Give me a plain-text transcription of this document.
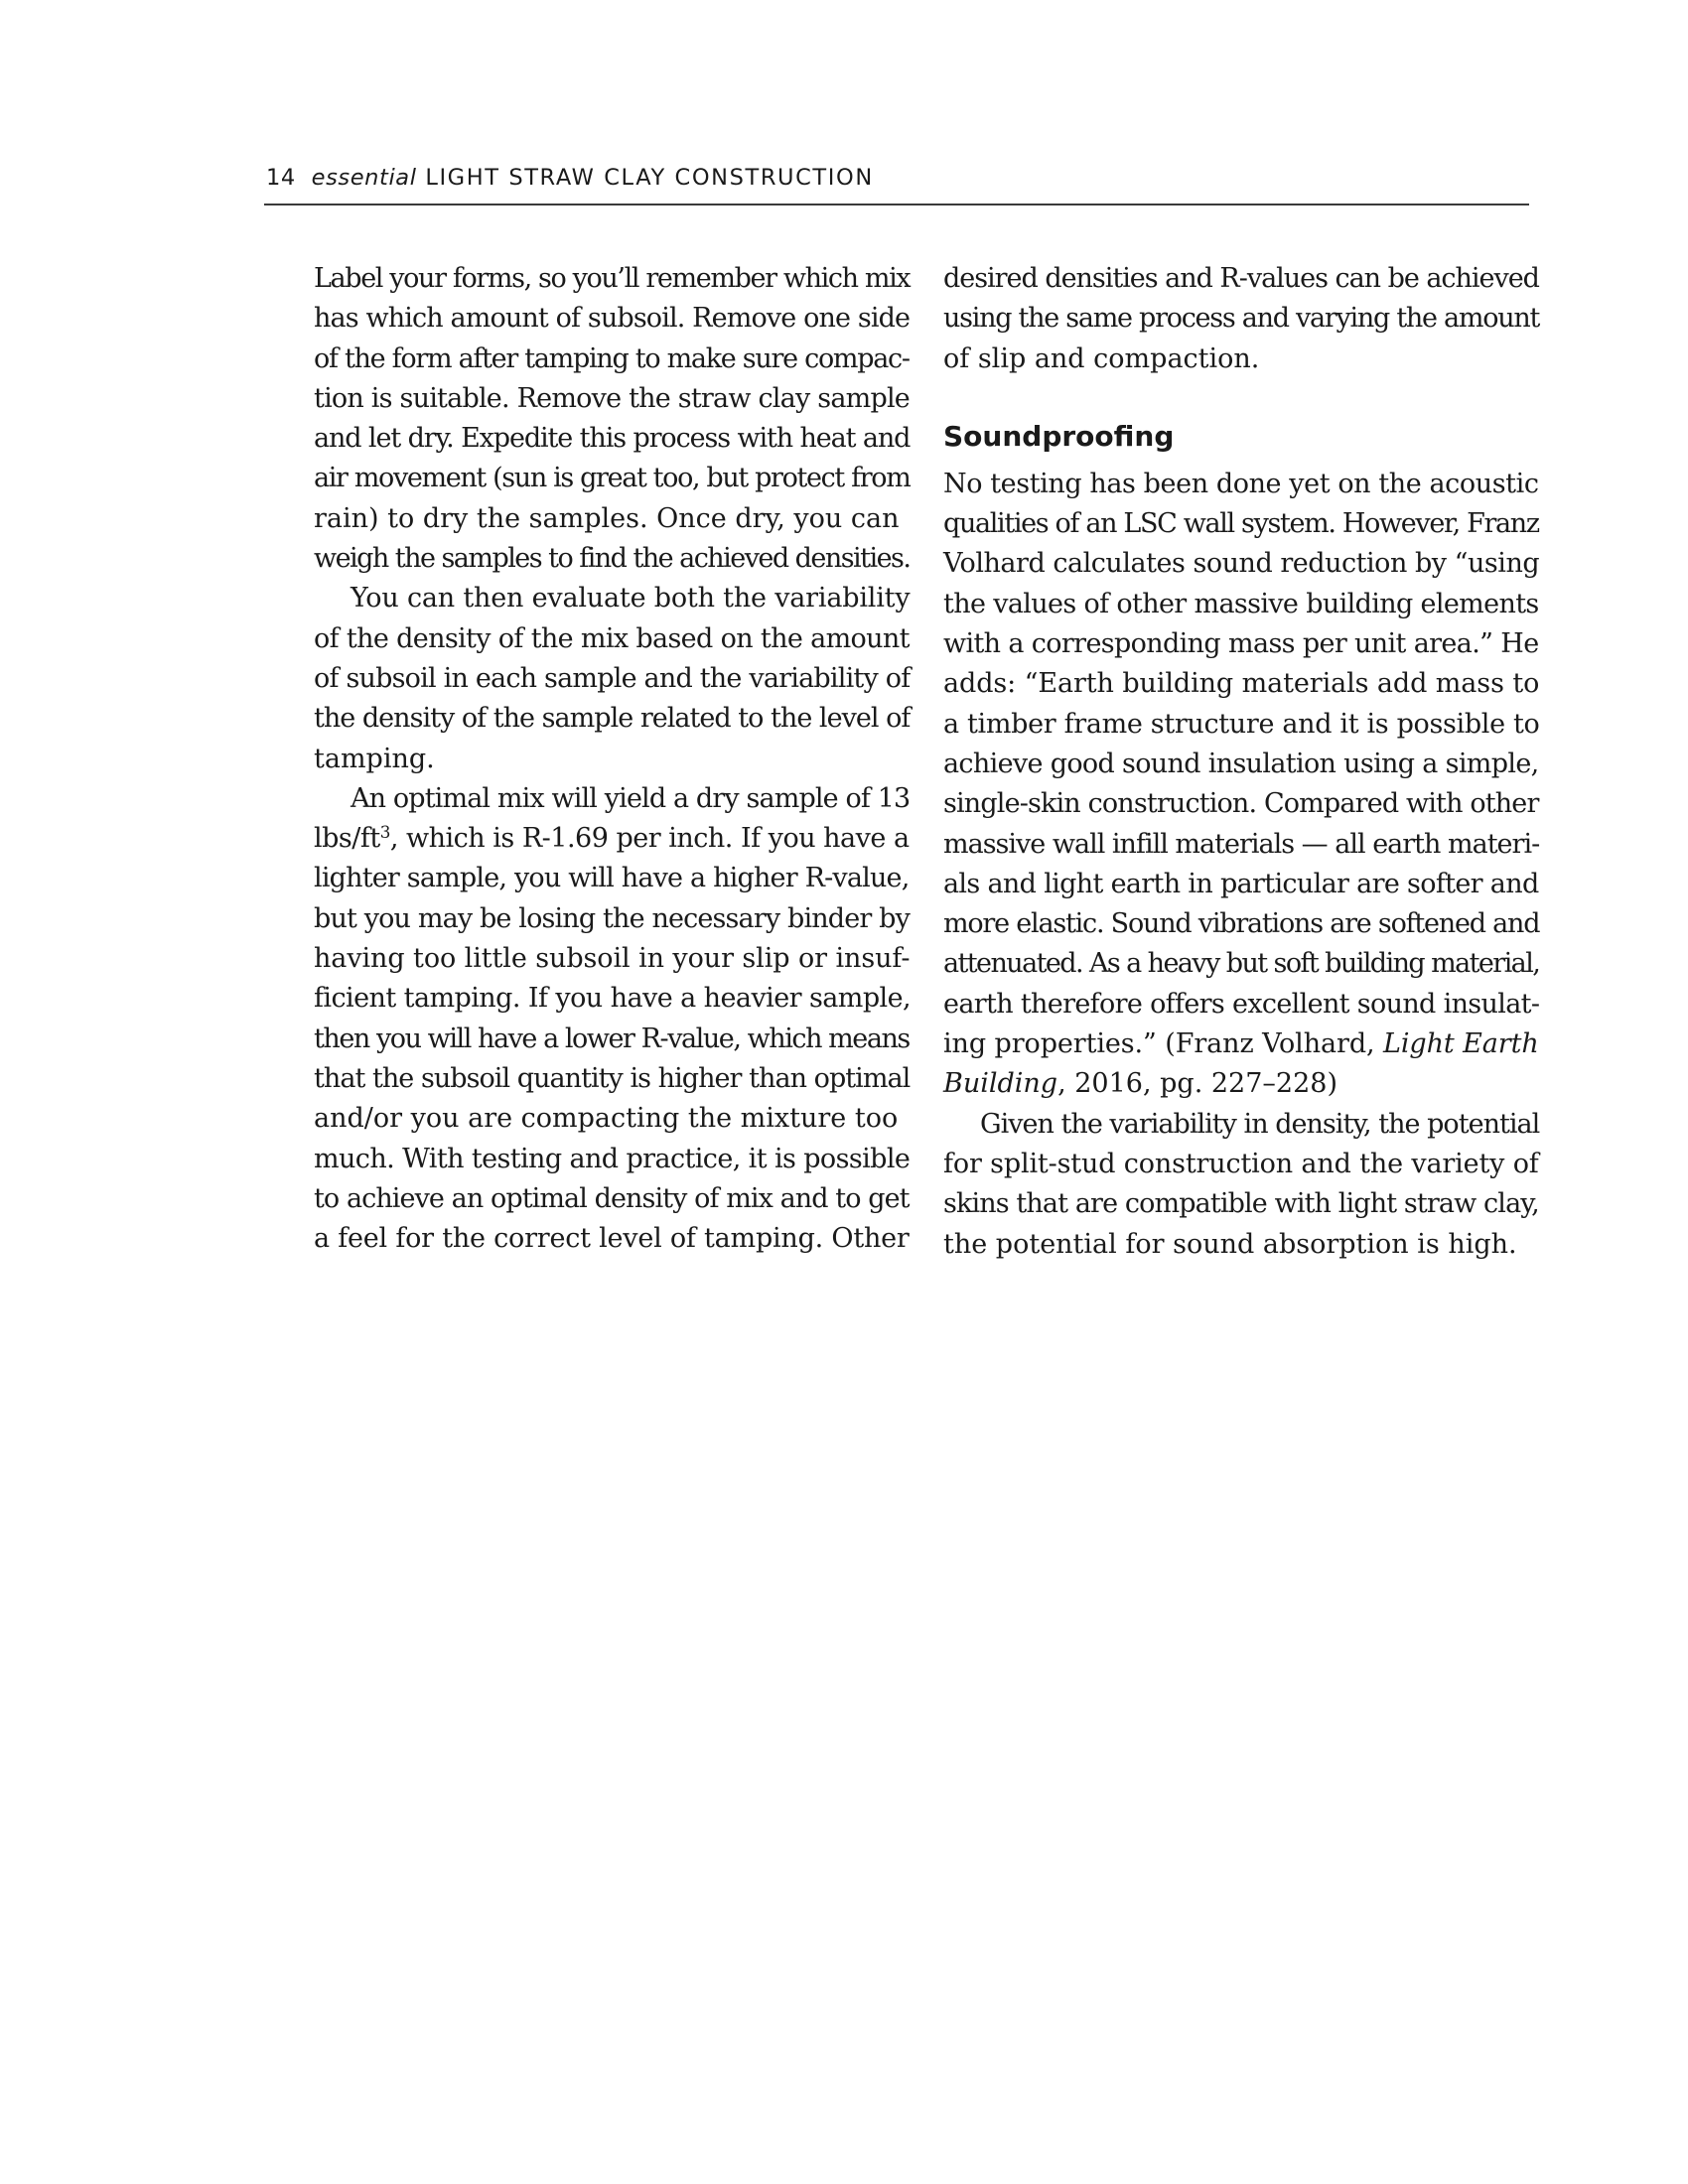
14 essential LIGHT STRAW CLAY CONSTRUCTION
Label your forms, so you’ll remember which mix
has which amount of subsoil. Remove one side
of the form after tamping to make sure compac-
tion is suitable. Remove the straw clay sample
and let dry. Expedite this process with heat and
air movement (sun is great too, but protect from
rain) to dry the samples. Once dry, you can
weigh the samples to find the achieved densities.
You can then evaluate both the variability
of the density of the mix based on the amount
of subsoil in each sample and the variability of
the density of the sample related to the level of
tamping.
An optimal mix will yield a dry sample of 13
lbs/$ft^3$, which is R-1.69 per inch. If you have a
lighter sample, you will have a higher R-value,
but you may be losing the necessary binder by
having too little subsoil in your slip or insuf-
ficient tamping. If you have a heavier sample,
then you will have a lower R-value, which means
that the subsoil quantity is higher than optimal
and/or you are compacting the mixture too
much. With testing and practice, it is possible
to achieve an optimal density of mix and to get
a feel for the correct level of tamping. Other
desired densities and R-values can be achieved
using the same process and varying the amount
of slip and compaction.
Soundproofing
No testing has been done yet on the acoustic
qualities of an LSC wall system. However, Franz
Volhard calculates sound reduction by “using
the values of other massive building elements
with a corresponding mass per unit area.” He
adds: “Earth building materials add mass to
a timber frame structure and it is possible to
achieve good sound insulation using a simple,
single-skin construction. Compared with other
massive wall infill materials — all earth materi-
als and light earth in particular are softer and
more elastic. Sound vibrations are softened and
attenuated. As a heavy but soft building material,
earth therefore offers excellent sound insulat-
ing properties.” (Franz Volhard, Light Earth
Building, 2016, pg. 227–228)
Given the variability in density, the potential
for split-stud construction and the variety of
skins that are compatible with light straw clay,
the potential for sound absorption is high.
